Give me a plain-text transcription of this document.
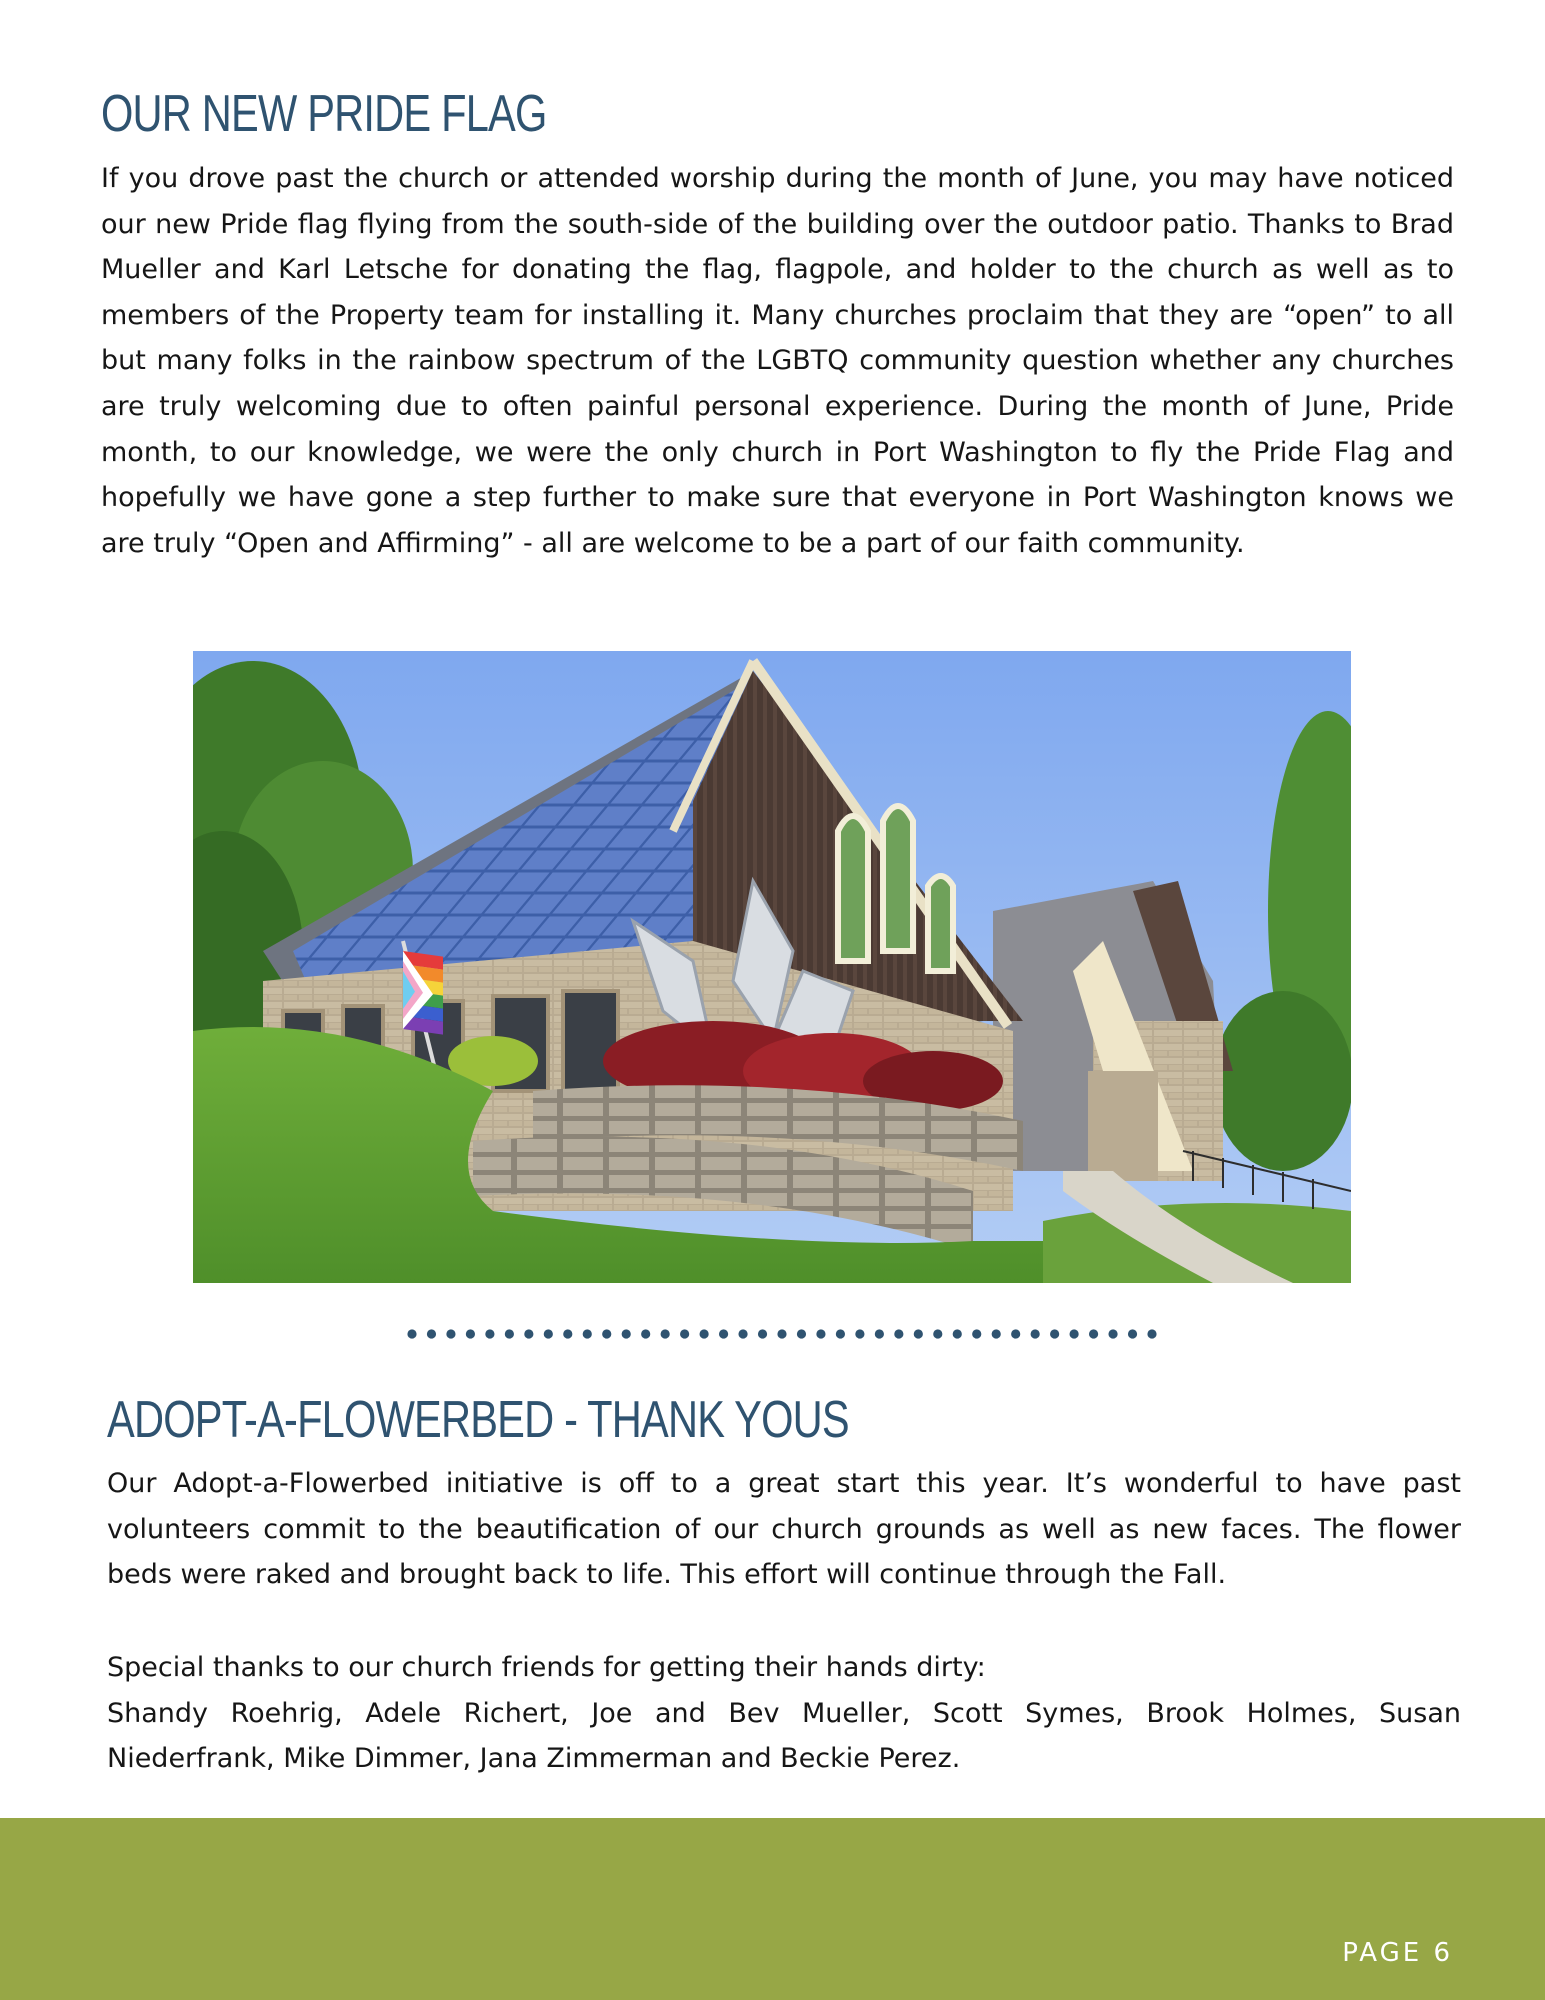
OUR NEW PRIDE FLAG

If you drove past the church or attended worship during the month of June, you may have noticed our new Pride flag flying from the south-side of the building over the outdoor patio. Thanks to Brad Mueller and Karl Letsche for donating the flag, flagpole, and holder to the church as well as to members of the Property team for installing it. Many churches proclaim that they are “open” to all but many folks in the rainbow spectrum of the LGBTQ community question whether any churches are truly welcoming due to often painful personal experience. During the month of June, Pride month, to our knowledge, we were the only church in Port Washington to fly the Pride Flag and hopefully we have gone a step further to make sure that everyone in Port Washington knows we are truly “Open and Affirming” - all are welcome to be a part of our faith community.

ADOPT-A-FLOWERBED - THANK YOUS

Our Adopt-a-Flowerbed initiative is off to a great start this year. It’s wonderful to have past volunteers commit to the beautification of our church grounds as well as new faces. The flower beds were raked and brought back to life. This effort will continue through the Fall.

Special thanks to our church friends for getting their hands dirty:
Shandy Roehrig, Adele Richert, Joe and Bev Mueller, Scott Symes, Brook Holmes, Susan Niederfrank, Mike Dimmer, Jana Zimmerman and Beckie Perez.
PAGE 6
